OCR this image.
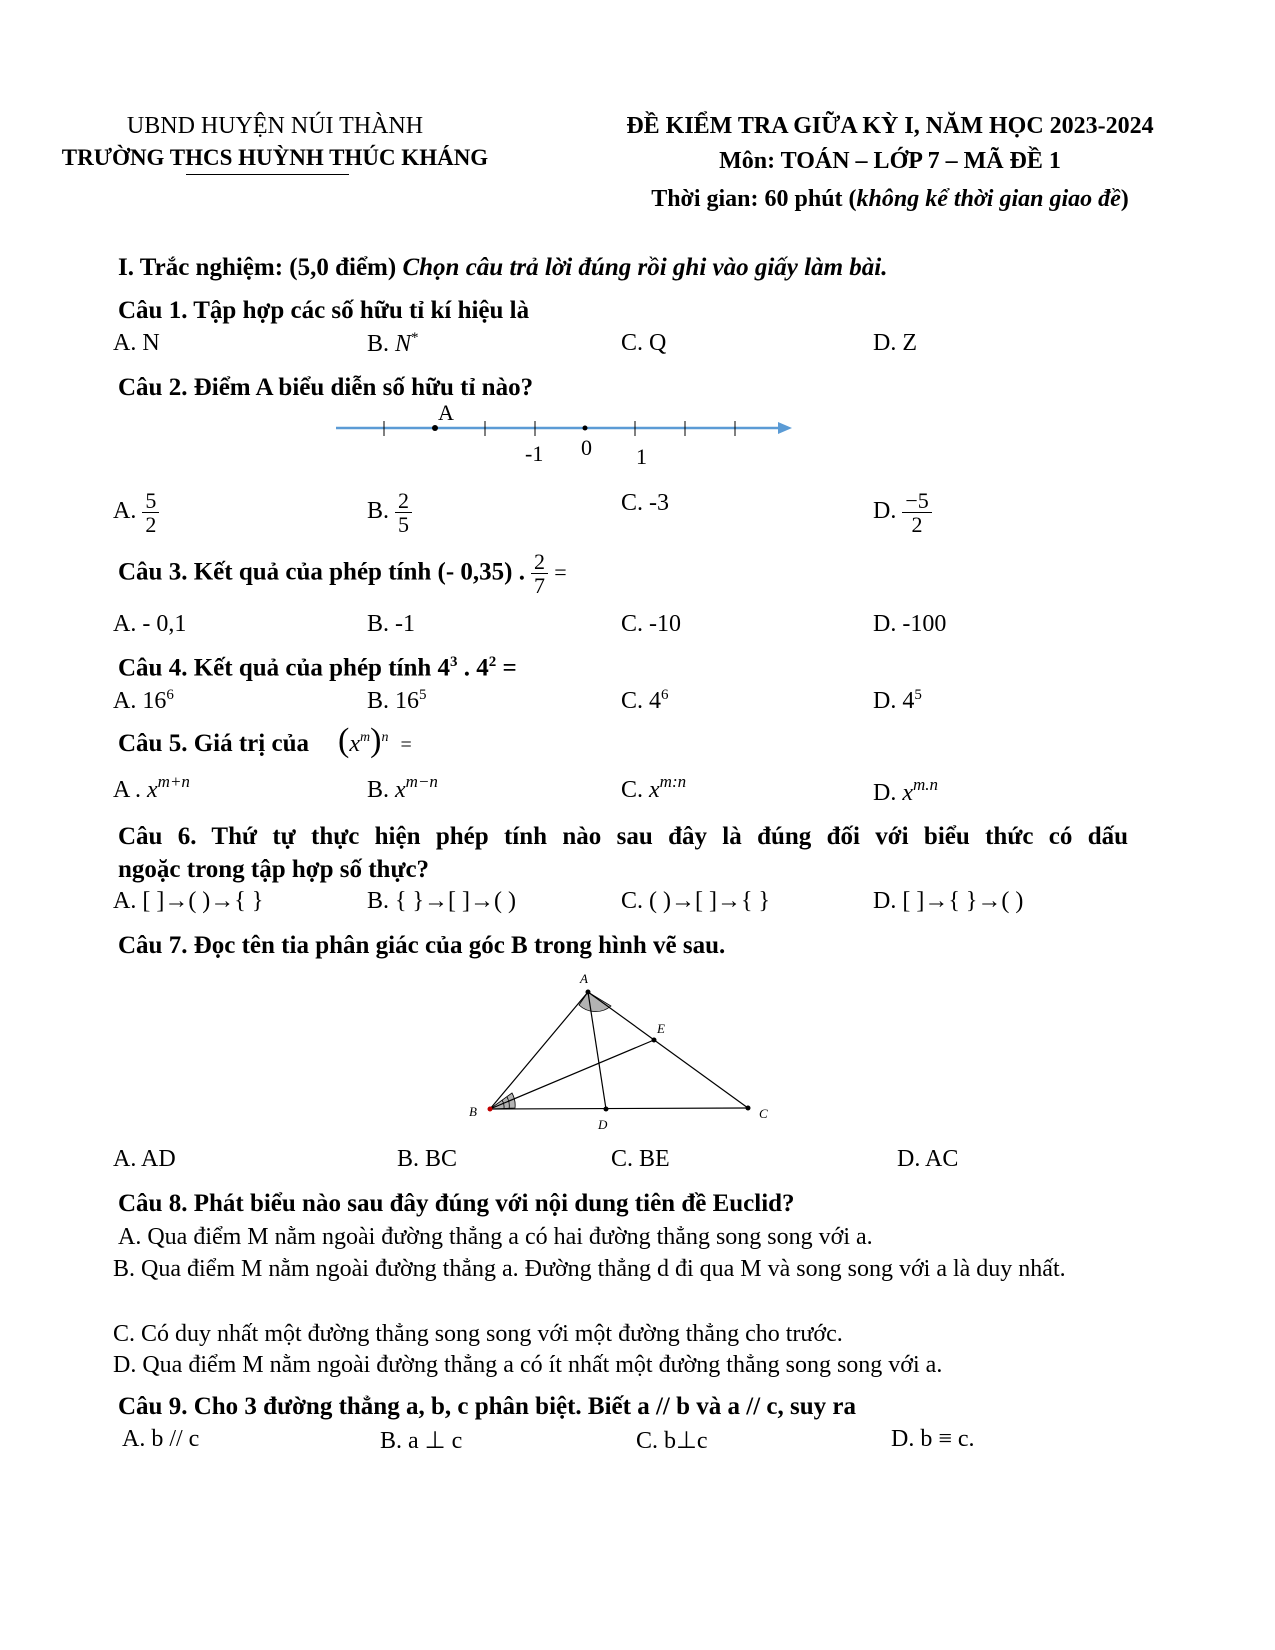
UBND HUYỆN NÚI THÀNH
TRƯỜNG THCS HUỲNH THÚC KHÁNG
ĐỀ KIỂM TRA GIỮA KỲ I, NĂM HỌC 2023-2024
Môn: TOÁN – LỚP 7 – MÃ ĐỀ 1
Thời gian: 60 phút (không kể thời gian giao đề)
I. Trắc nghiệm: (5,0 điểm) Chọn câu trả lời đúng rồi ghi vào giấy làm bài.
Câu 1. Tập hợp các số hữu tỉ kí hiệu là
A. N	B. N*	C. Q	D. Z
Câu 2. Điểm A biểu diễn số hữu tỉ nào?
A
-1 0 1
A. $\frac{5}{2}$	B. $\frac{2}{5}$	C. -3	D. $\frac{-5}{2}$
Câu 3. Kết quả của phép tính (- 0,35) . $\frac{2}{7}$ =
A. - 0,1	B. -1	C. -10	D. -100
Câu 4. Kết quả của phép tính $4^3$ . $4^2$ =
A. $16^6$	B. $16^5$	C. $4^6$	D. $4^5$
Câu 5. Giá trị của $(x^m)^n$ =
A . $x^{m+n}$	B. $x^{m-n}$	C. $x^{m:n}$	D. $x^{m.n}$
Câu 6. Thứ tự thực hiện phép tính nào sau đây là đúng đối với biểu thức có dấu
ngoặc trong tập hợp số thực?
A. [ ]→( )→{ }	B. { }→[ ]→( )	C. ( )→[ ]→{ }	D. [ ]→{ }→( )
Câu 7. Đọc tên tia phân giác của góc B trong hình vẽ sau.
A
B	C
D
E
A. AD	B. BC	C. BE	D. AC
Câu 8. Phát biểu nào sau đây đúng với nội dung tiên đề Euclid?
A. Qua điểm M nằm ngoài đường thẳng a có hai đường thẳng song song với a.
B. Qua điểm M nằm ngoài đường thẳng a. Đường thẳng d đi qua M và song song với a là duy nhất.
C. Có duy nhất một đường thẳng song song với một đường thẳng cho trước.
D. Qua điểm M nằm ngoài đường thẳng a có ít nhất một đường thẳng song song với a.
Câu 9. Cho 3 đường thẳng a, b, c phân biệt. Biết a // b và a // c, suy ra
A. b // c	B. a ⊥ c	C. b⊥c	D. b ≡ c.
